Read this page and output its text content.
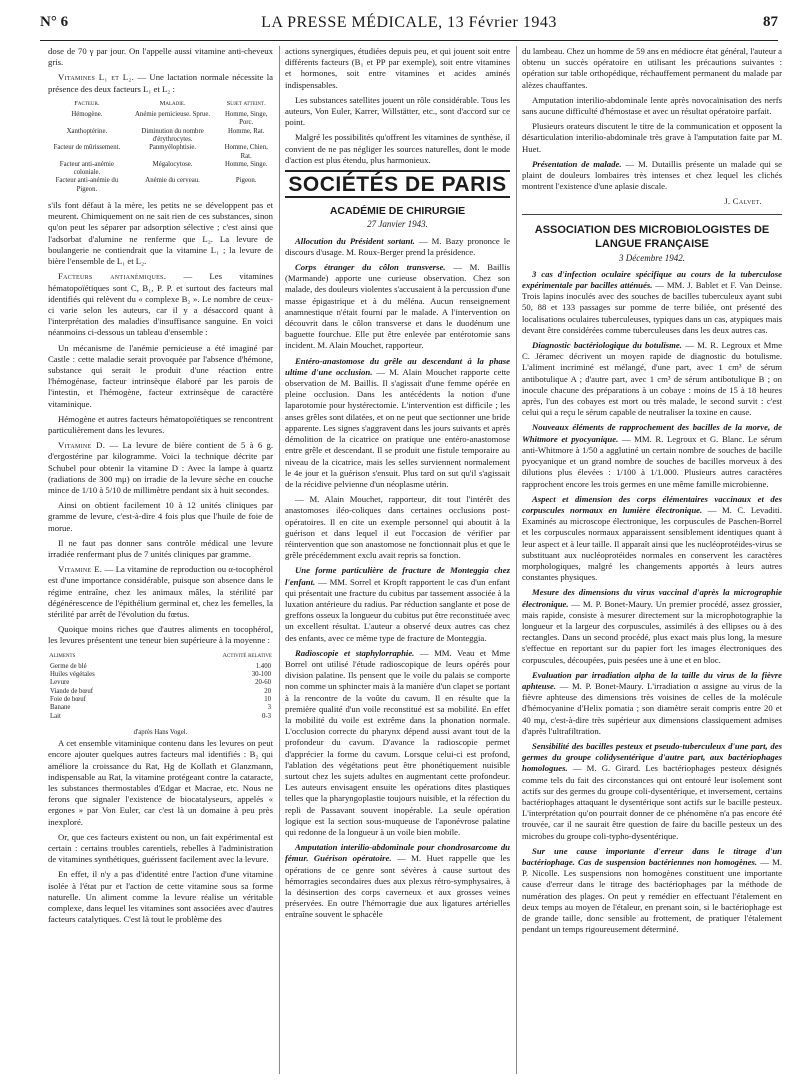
N° 6	LA PRESSE MÉDICALE, 13 Février 1943	87

dose de 70 γ par jour. On l'appelle aussi vitamine anti-cheveux gris.

Vitamines L₁ et L₂. — Une lactation normale nécessite la présence des deux facteurs L₁ et L₂ :

Facteur.	Maladie.	Sujet atteint.
Hémogène.	Anémie pernicieuse. Sprue.	Homme, Singe, Porc.
Xanthoptérine.	Diminution du nombre d'érythrocytes.	Homme, Rat.
Facteur de mûrissement.	Panmyélophtisie.	Homme, Chien, Rat.
Facteur anti-anémie coloniale.	Mégalocytose.	Homme, Singe.
Facteur anti-anémie du Pigeon.	Anémie du cerveau.	Pigeon.

s'ils font défaut à la mère, les petits ne se développent pas et meurent. Chimiquement on ne sait rien de ces substances, sinon qu'on peut les séparer par adsorption sélective ; c'est ainsi que l'adsorbat d'alumine ne renferme que L₂. La levure de boulangerie ne contiendrait que la vitamine L₁ ; la levure de bière l'ensemble de L₁ et L₂.

Facteurs antianémiques. — Les vitamines hématopoïétiques sont C, B₁, P. P. et surtout des facteurs mal identifiés qui relèvent du « complexe B₂ ». Le nombre de ceux-ci varie selon les auteurs, car il y a désaccord quant à l'interprétation des maladies d'insuffisance sanguine. En voici néanmoins ci-dessous un tableau d'ensemble :

Un mécanisme de l'anémie pernicieuse a été imaginé par Castle : cette maladie serait provoquée par l'absence d'hémone, substance qui serait le produit d'une réaction entre l'hémogénase, facteur intrinsèque élaboré par les parois de l'intestin, et l'hémogène, facteur extrinsèque de caractère vitaminique.

Hémogène et autres facteurs hématopoïétiques se rencontrent particulièrement dans les levures.

Vitamine D. — La levure de bière contient de 5 à 6 g. d'ergostérine par kilogramme. Voici la technique décrite par Schubel pour obtenir la vitamine D : Avec la lampe à quartz (radiations de 300 mμ) on irradie de la levure sèche en couche mince de 1/10 à 5/10 de millimètre pendant six à huit secondes.

Ainsi on obtient facilement 10 à 12 unités cliniques par gramme de levure, c'est-à-dire 4 fois plus que l'huile de foie de morue.

Il ne faut pas donner sans contrôle médical une levure irradiée renfermant plus de 7 unités cliniques par gramme.

Vitamine E. — La vitamine de reproduction ou α-tocophérol est d'une importance considérable, puisque son absence dans le régime entraîne, chez les animaux mâles, la stérilité par dégénérescence de l'épithélium germinal et, chez les femelles, la stérilité par arrêt de l'évolution du fœtus.

Quoique moins riches que d'autres aliments en tocophérol, les levures présentent une teneur bien supérieure à la moyenne :

Aliments	Activité relative
Germe de blé	1.400
Huiles végétales	30-100
Levure	20-60
Viande de bœuf	20
Foie de bœuf	10
Banane	3
Lait	0-3
d'après Hans Vogel.

A cet ensemble vitaminique contenu dans les levures on peut encore ajouter quelques autres facteurs mal identifiés : B₂ qui améliore la croissance du Rat, Hg de Kollath et Glanzmann, indispensable au Rat, la vitamine protégeant contre la cataracte, les substances thermostables d'Edgar et Macrae, etc. Nous ne ferons que signaler l'existence de biocatalyseurs, appelés « ergones » par Von Euler, car c'est là un domaine à peu près inexploré.

Or, que ces facteurs existent ou non, un fait expérimental est certain : certains troubles carentiels, rebelles à l'administration de vitamines synthétiques, guérissent facilement avec la levure.

En effet, il n'y a pas d'identité entre l'action d'une vitamine isolée à l'état pur et l'action de cette vitamine sous sa forme naturelle. Un aliment comme la levure réalise un véritable complexe, dans lequel les vitamines sont associées avec d'autres facteurs catalytiques. C'est là tout le problème des

actions synergiques, étudiées depuis peu, et qui jouent soit entre différents facteurs (B₁ et PP par exemple), soit entre vitamines et hormones, soit entre vitamines et acides aminés indispensables.

Les substances satellites jouent un rôle considérable. Tous les auteurs, Von Euler, Karrer, Willstätter, etc., sont d'accord sur ce point.

Malgré les possibilités qu'offrent les vitamines de synthèse, il convient de ne pas négliger les sources naturelles, dont le mode d'action est plus étendu, plus harmonieux.

SOCIÉTÉS DE PARIS
ACADÉMIE DE CHIRURGIE
27 Janvier 1943.

Allocution du Président sortant. — M. Bazy prononce le discours d'usage. M. Roux-Berger prend la présidence.

Corps étranger du côlon transverse. — M. Baillis (Marmande) apporte une curieuse observation. Chez son malade, des douleurs violentes s'accusaient à la percussion d'une masse épigastrique et à du méléna. Aucun renseignement anamnestique n'était fourni par le malade. A l'intervention on découvrit dans le côlon transverse et dans le duodénum une baguette fourchue. Elle put être enlevée par entérotomie sans incident. M. Alain Mouchet, rapporteur.

Entéro-anastomose du grêle au descendant à la phase ultime d'une occlusion. — M. Alain Mouchet rapporte cette observation de M. Baillis. Il s'agissait d'une femme opérée en pleine occlusion. Dans les antécédents la notion d'une laparotomie pour hystérectomie. L'intervention est difficile ; les anses grêles sont dilatées, et on ne peut que sectionner une bride apparente. Les signes s'aggravent dans les jours suivants et après démolition de la cicatrice on pratique une entéro-anastomose entre grêle et descendant. Il se produit une fistule temporaire au niveau de la cicatrice, mais les selles surviennent normalement le 4e jour et la guérison s'ensuit. Plus tard on sut qu'il s'agissait de la récidive pelvienne d'un néoplasme utérin.

— M. Alain Mouchet, rapporteur, dit tout l'intérêt des anastomoses iléo-coliques dans certaines occlusions post-opératoires. Il en cite un exemple personnel qui aboutit à la guérison et dans lequel il eut l'occasion de vérifier par réintervention que son anastomose ne fonctionnait plus et que le grêle précédemment exclu avait repris sa fonction.

Une forme particulière de fracture de Monteggia chez l'enfant. — MM. Sorrel et Kropft rapportent le cas d'un enfant qui présentait une fracture du cubitus par tassement associée à la luxation antérieure du radius. Par réduction sanglante et pose de greffons osseux la longueur du cubitus put être reconstituée avec un excellent résultat. L'auteur a observé deux autres cas chez des enfants, avec ce même type de fracture de Monteggia.

Radioscopie et staphylorraphie. — MM. Veau et Mme Borrel ont utilisé l'étude radioscopique de leurs opérés pour division palatine. Ils pensent que le voile du palais se comporte non comme un sphincter mais à la manière d'un clapet se portant à la rencontre de la voûte du cavum. Il en résulte que la première qualité d'un voile reconstitué est sa mobilité. En effet la mobilité du voile est extrême dans la phonation normale. L'occlusion correcte du pharynx dépend aussi avant tout de la profondeur du cavum. D'avance la radioscopie permet d'apprécier la forme du cavum. Lorsque celui-ci est profond, l'ablation des végétations peut être phonétiquement nuisible surtout chez les sujets adultes en augmentant cette profondeur. Les auteurs envisagent ensuite les opérations dites plastiques telles que la pharyngoplastie toujours nuisible, et la réfection du repli de Passavant souvent inopérable. La seule opération logique est la section sous-muqueuse de l'aponévrose palatine qui redonne de la longueur à un voile bien mobile.

Amputation interilio-abdominale pour chondrosarcome du fémur. Guérison opératoire. — M. Huet rappelle que les opérations de ce genre sont sévères à cause surtout des hémorragies secondaires dues aux plexus rétro-symphysaires, à la désinsertion des corps caverneux et aux grosses veines préservées. En outre l'hémorragie due aux ligatures artérielles entraîne souvent le sphacèle

du lambeau. Chez un homme de 59 ans en médiocre état général, l'auteur a obtenu un succès opératoire en utilisant les précautions suivantes : opération sur table orthopédique, réchauffement permanent du malade par alèzes chauffantes.

Amputation interilio-abdominale lente après novocaïnisation des nerfs sans aucune difficulté d'hémostase et avec un résultat opératoire parfait.

Plusieurs orateurs discutent le titre de la communication et opposent la désarticulation interilio-abdominale très grave à l'amputation faite par M. Huet.

Présentation de malade. — M. Dutaillis présente un malade qui se plaint de douleurs lombaires très intenses et chez lequel les clichés montrent l'existence d'une aplasie discale.

J. Calvet.
ASSOCIATION DES MICROBIOLOGISTES DE LANGUE FRANÇAISE
3 Décembre 1942.

3 cas d'infection oculaire spécifique au cours de la tuberculose expérimentale par bacilles atténués. — MM. J. Bablet et F. Van Deinse. Trois lapins inoculés avec des souches de bacilles tuberculeux ayant subi 50, 88 et 133 passages sur pomme de terre biliée, ont présenté des localisations oculaires tuberculeuses, typiques dans un cas, atypiques mais devant être considérées comme tuberculeuses dans les deux autres cas.

Diagnostic bactériologique du botulisme. — M. R. Legroux et Mme C. Jéramec décrivent un moyen rapide de diagnostic du botulisme. L'aliment incriminé est mélangé, d'une part, avec 1 cm³ de sérum antibotulique A ; d'autre part, avec 1 cm³ de sérum antibotulique B ; on inocule chacune des préparations à un cobaye : moins de 15 à 18 heures après, l'un des cobayes est mort ou très malade, le second survit : c'est celui qui a reçu le sérum capable de neutraliser la toxine en cause.

Nouveaux éléments de rapprochement des bacilles de la morve, de Whitmore et pyocyanique. — MM. R. Legroux et G. Blanc. Le sérum anti-Whitmore à 1/50 a agglutiné un certain nombre de souches de bacille pyocyanique et un grand nombre de souches de bacilles morveux à des dilutions plus élevées : 1/100 à 1/1.000. Plusieurs autres caractères rapprochent encore les trois germes en une même famille microbienne.

Aspect et dimension des corps élémentaires vaccinaux et des corpuscules normaux en lumière électronique. — M. C. Levaditi. Examinés au microscope électronique, les corpuscules de Paschen-Borrel et les corpuscules normaux apparaissent sensiblement identiques quant à leur aspect et à leur taille. Il apparaît ainsi que les nucléoprotéides-virus se substituant aux nucléoprotéides normales en conservent les caractères morphologiques, malgré les changements apportés à leurs autres constantes physiques.

Mesure des dimensions du virus vaccinal d'après la micrographie électronique. — M. P. Bonet-Maury. Un premier procédé, assez grossier, mais rapide, consiste à mesurer directement sur la microphotographie la longueur et la largeur des corpuscules, assimilés à des ellipses ou à des rectangles. Dans un second procédé, plus exact mais plus long, la mesure s'effectue en reportant sur du papier fort les images électroniques des corpuscules, découpées, puis pesées une à une et en bloc.

Evaluation par irradiation alpha de la taille du virus de la fièvre aphteuse. — M. P. Bonet-Maury. L'irradiation α assigne au virus de la fièvre aphteuse des dimensions très voisines de celles de la molécule d'hémocyanine d'Helix pomatia ; son diamètre serait compris entre 20 et 40 mμ, c'est-à-dire très supérieur aux dimensions classiquement admises d'après l'ultrafiltration.

Sensibilité des bacilles pesteux et pseudo-tuberculeux d'une part, des germes du groupe colidysentérique d'autre part, aux bactériophages homologues. — M. G. Girard. Les bactériophages pesteux désignés comme tels du fait des circonstances qui ont entouré leur isolement sont actifs sur des germes du groupe coli-dysentérique, et inversement, certains bactériophages attaquant le dysentérique sont actifs sur le bacille pesteux. L'interprétation qu'on pourrait donner de ce phénomène n'a pas encore été trouvée, car il ne saurait être question de faire du bacille pesteux un des microbes du groupe coli-typho-dysentérique.

Sur une cause importante d'erreur dans le titrage d'un bactériophage. Cas de suspension bactériennes non homogènes. — M. P. Nicolle. Les suspensions non homogènes constituent une importante cause d'erreur dans le titrage des bactériophages par la méthode de numération des plages. On peut y remédier en effectuant l'étalement en deux temps au moyen de l'étaleur, en prenant soin, si le bactériophage est de grande taille, donc sensible au frottement, de pratiquer l'étalement pendant un temps rigoureusement déterminé.
